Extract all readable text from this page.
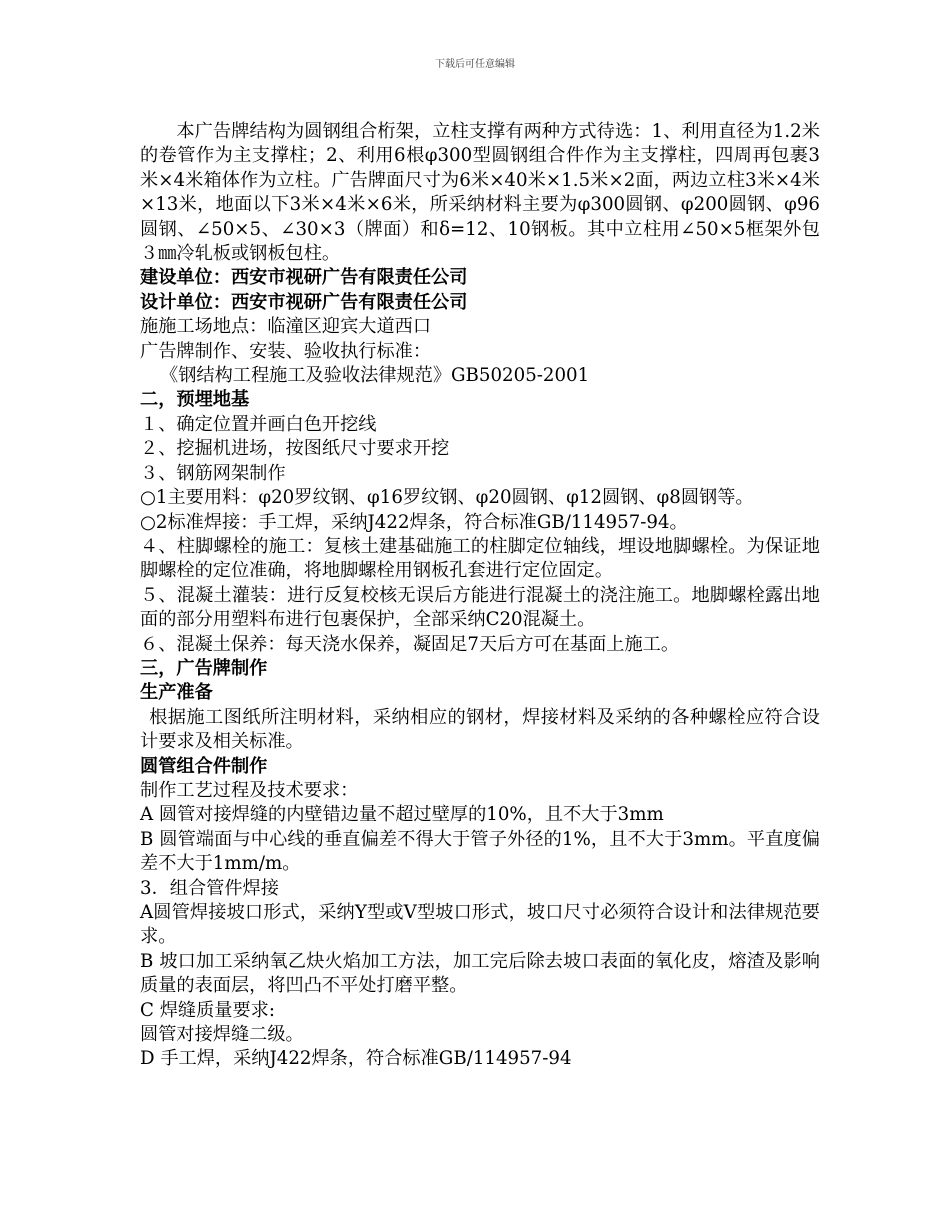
下载后可任意编辑

本广告牌结构为圆钢组合桁架，立柱支撑有两种方式待选：1、利用直径为1.2米的卷管作为主支撑柱；2、利用6根φ300型圆钢组合件作为主支撑柱，四周再包裹3米×4米箱体作为立柱。广告牌面尺寸为6米×40米×1.5米×2面，两边立柱3米×4米×13米，地面以下3米×4米×6米，所采纳材料主要为φ300圆钢、φ200圆钢、φ96圆钢、∠50×5、∠30×3（牌面）和δ=12、10钢板。其中立柱用∠50×5框架外包３㎜冷轧板或钢板包柱。

建设单位：西安市视研广告有限责任公司

设计单位：西安市视研广告有限责任公司

施施工场地点：临潼区迎宾大道西口

广告牌制作、安装、验收执行标准：

《钢结构工程施工及验收法律规范》GB50205-2001

二，预埋地基

１、确定位置并画白色开挖线

２、挖掘机进场，按图纸尺寸要求开挖

３、钢筋网架制作

○1主要用料：φ20罗纹钢、φ16罗纹钢、φ20圆钢、φ12圆钢、φ8圆钢等。

○2标准焊接：手工焊，采纳J422焊条，符合标准GB/114957-94。

４、柱脚螺栓的施工：复核土建基础施工的柱脚定位轴线，埋设地脚螺栓。为保证地脚螺栓的定位准确，将地脚螺栓用钢板孔套进行定位固定。

５、混凝土灌装：进行反复校核无误后方能进行混凝土的浇注施工。地脚螺栓露出地面的部分用塑料布进行包裹保护，全部采纳C20混凝土。

６、混凝土保养：每天浇水保养，凝固足7天后方可在基面上施工。

三，广告牌制作

生产准备

根据施工图纸所注明材料，采纳相应的钢材，焊接材料及采纳的各种螺栓应符合设计要求及相关标准。

圆管组合件制作

制作工艺过程及技术要求：

A 圆管对接焊缝的内壁错边量不超过壁厚的10%，且不大于3mm

B 圆管端面与中心线的垂直偏差不得大于管子外径的1%，且不大于3mm。平直度偏差不大于1mm/m。

3．组合管件焊接

A圆管焊接坡口形式，采纳Y型或V型坡口形式，坡口尺寸必须符合设计和法律规范要求。

B 坡口加工采纳氧乙炔火焰加工方法，加工完后除去坡口表面的氧化皮，熔渣及影响质量的表面层，将凹凸不平处打磨平整。

C 焊缝质量要求:

圆管对接焊缝二级。

D 手工焊，采纳J422焊条，符合标准GB/114957-94
